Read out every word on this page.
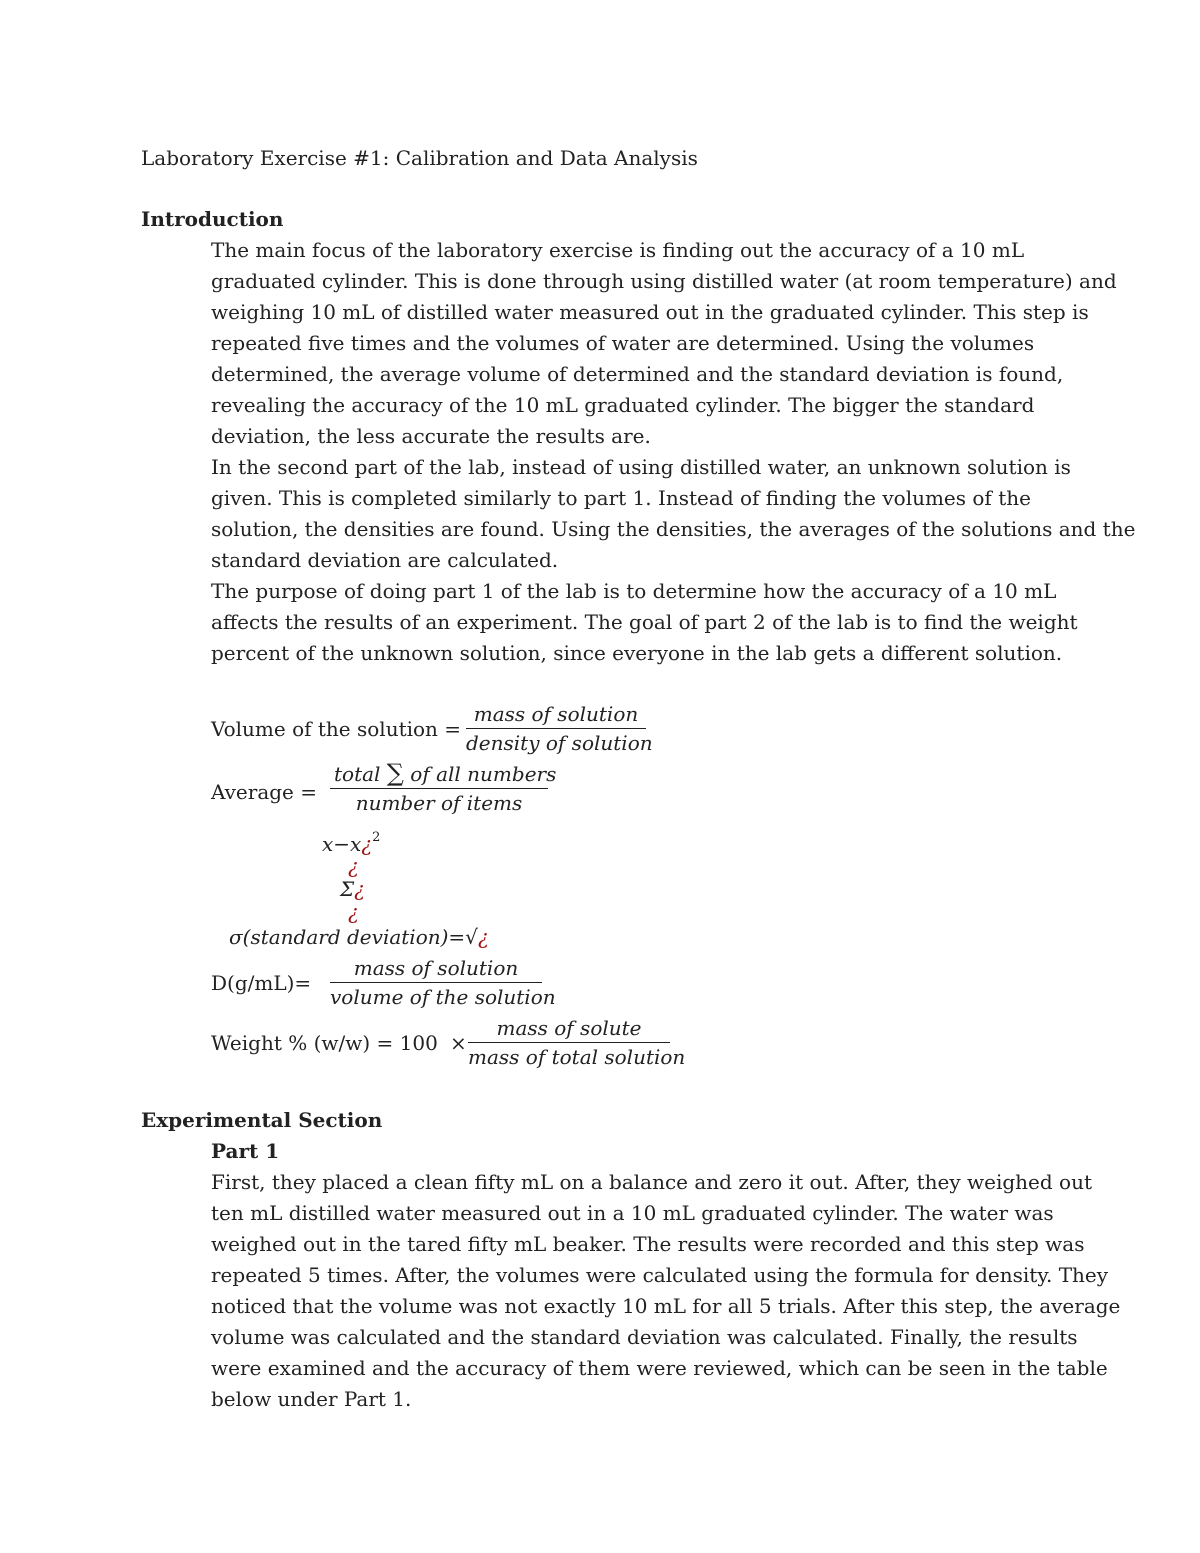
Laboratory Exercise #1: Calibration and Data Analysis
Introduction
The main focus of the laboratory exercise is finding out the accuracy of a 10 mL
graduated cylinder. This is done through using distilled water (at room temperature) and
weighing 10 mL of distilled water measured out in the graduated cylinder. This step is
repeated five times and the volumes of water are determined. Using the volumes
determined, the average volume of determined and the standard deviation is found,
revealing the accuracy of the 10 mL graduated cylinder. The bigger the standard
deviation, the less accurate the results are.
In the second part of the lab, instead of using distilled water, an unknown solution is
given. This is completed similarly to part 1. Instead of finding the volumes of the
solution, the densities are found. Using the densities, the averages of the solutions and the
standard deviation are calculated.
The purpose of doing part 1 of the lab is to determine how the accuracy of a 10 mL
affects the results of an experiment. The goal of part 2 of the lab is to find the weight
percent of the unknown solution, since everyone in the lab gets a different solution.
Volume of the solution =
mass of solution
density of solution
Average =
total ∑ of all numbers
number of items
x−x¿$^2$
¿
Σ¿
¿
σ(standard deviation)=√¿
D(g/mL)=
mass of solution
volume of the solution
Weight % (w/w) = 100 ×
mass of solute
mass of total solution
Experimental Section
Part 1
First, they placed a clean fifty mL on a balance and zero it out. After, they weighed out
ten mL distilled water measured out in a 10 mL graduated cylinder. The water was
weighed out in the tared fifty mL beaker. The results were recorded and this step was
repeated 5 times. After, the volumes were calculated using the formula for density. They
noticed that the volume was not exactly 10 mL for all 5 trials. After this step, the average
volume was calculated and the standard deviation was calculated. Finally, the results
were examined and the accuracy of them were reviewed, which can be seen in the table
below under Part 1.
